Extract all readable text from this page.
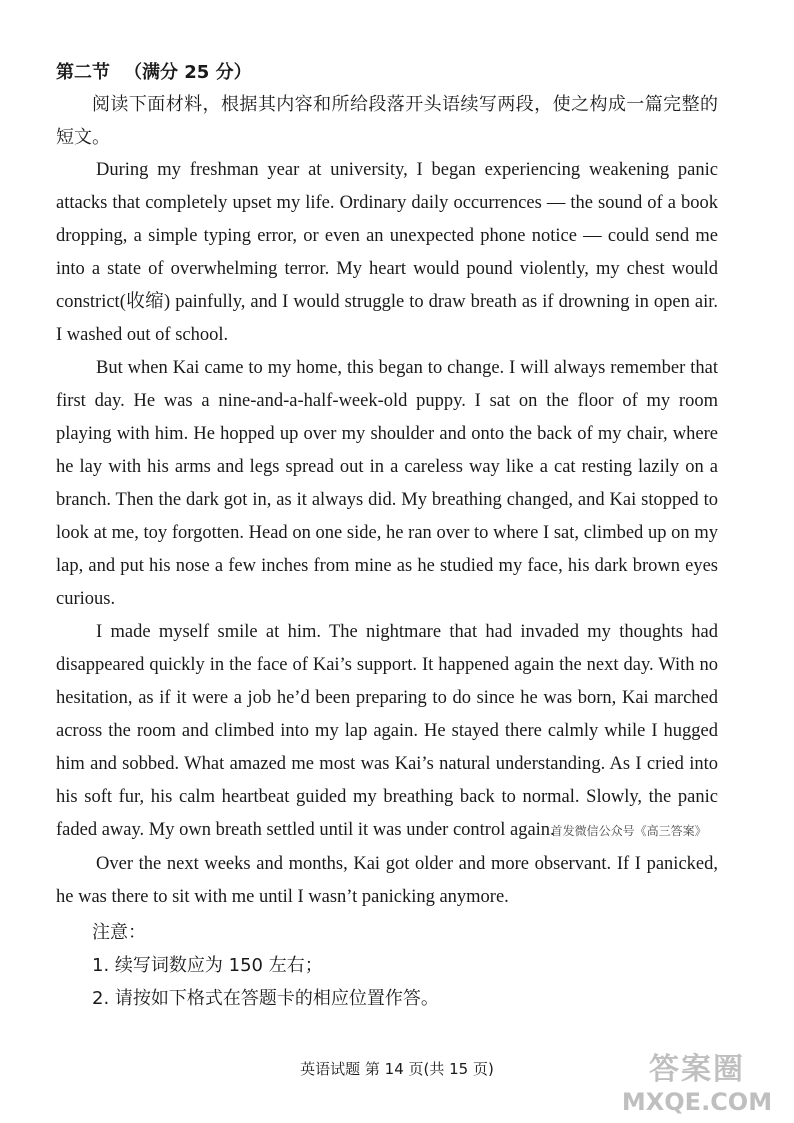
第二节 （满分 25 分）

阅读下面材料，根据其内容和所给段落开头语续写两段，使之构成一篇完整的短文。

During my freshman year at university, I began experiencing weakening panic attacks that completely upset my life. Ordinary daily occurrences — the sound of a book dropping, a simple typing error, or even an unexpected phone notice — could send me into a state of overwhelming terror. My heart would pound violently, my chest would constrict(收缩) painfully, and I would struggle to draw breath as if drowning in open air. I washed out of school.

But when Kai came to my home, this began to change. I will always remember that first day. He was a nine-and-a-half-week-old puppy. I sat on the floor of my room playing with him. He hopped up over my shoulder and onto the back of my chair, where he lay with his arms and legs spread out in a careless way like a cat resting lazily on a branch. Then the dark got in, as it always did. My breathing changed, and Kai stopped to look at me, toy forgotten. Head on one side, he ran over to where I sat, climbed up on my lap, and put his nose a few inches from mine as he studied my face, his dark brown eyes curious.

I made myself smile at him. The nightmare that had invaded my thoughts had disappeared quickly in the face of Kai’s support. It happened again the next day. With no hesitation, as if it were a job he’d been preparing to do since he was born, Kai marched across the room and climbed into my lap again. He stayed there calmly while I hugged him and sobbed. What amazed me most was Kai’s natural understanding. As I cried into his soft fur, his calm heartbeat guided my breathing back to normal. Slowly, the panic faded away. My own breath settled until it was under control again.首发微信公众号《高三答案》

Over the next weeks and months, Kai got older and more observant. If I panicked, he was there to sit with me until I wasn’t panicking anymore.

注意：
1. 续写词数应为 150 左右；
2. 请按如下格式在答题卡的相应位置作答。
英语试题 第 14 页(共 15 页)	答案圈
MXQE.COM
